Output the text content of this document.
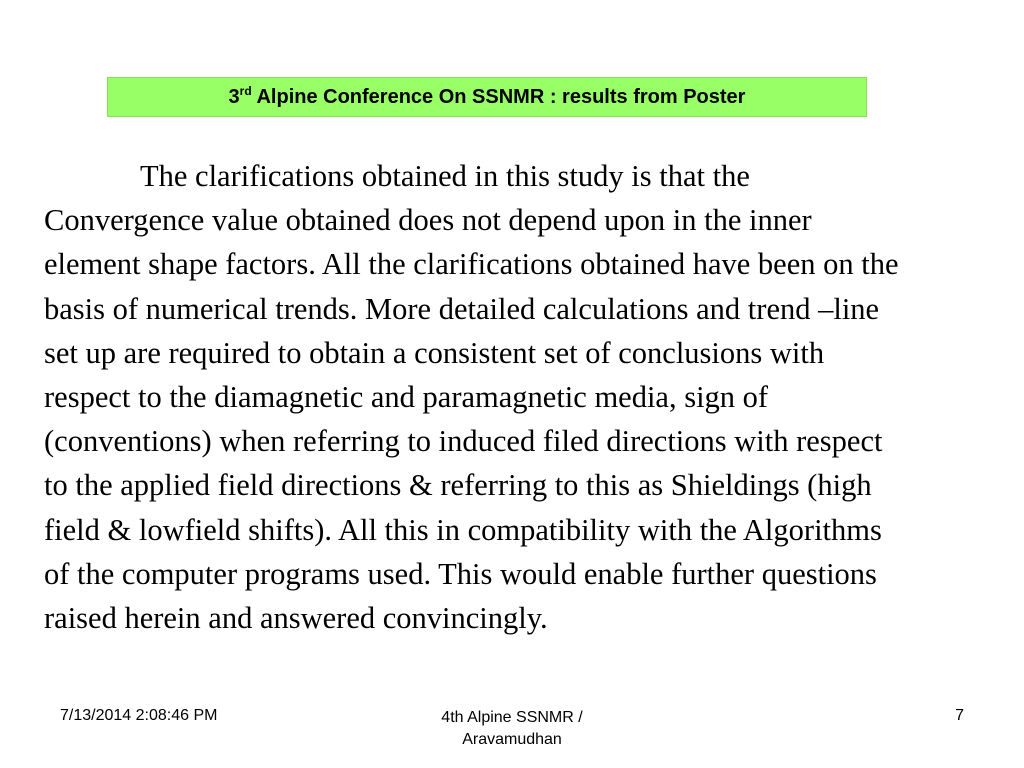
3rd Alpine Conference On SSNMR : results from Poster

The clarifications obtained in this study is that the
Convergence value obtained does not depend upon in the inner
element shape factors. All the clarifications obtained have been on the
basis of numerical trends. More detailed calculations and trend –line
set up are required to obtain a consistent set of conclusions with
respect to the diamagnetic and paramagnetic media, sign of
(conventions) when referring to induced filed directions with respect
to the applied field directions & referring to this as Shieldings (high
field & lowfield shifts). All this in compatibility with the Algorithms
of the computer programs used. This would enable further questions
raised herein and answered convincingly.

7/13/2014 2:08:46 PM	4th Alpine SSNMR /
Aravamudhan
7
